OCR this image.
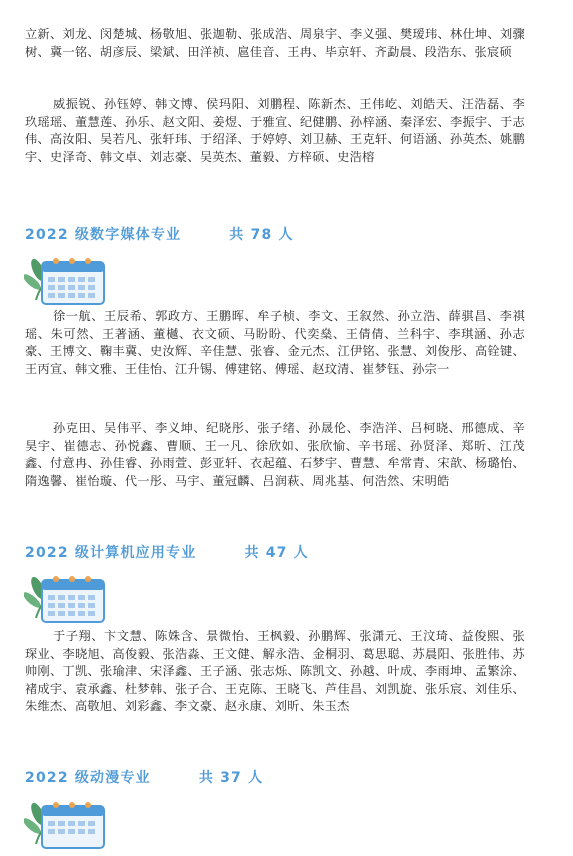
立新、刘龙、闵楚城、杨敬旭、张迦勒、张成浩、周泉宇、李义强、樊瑷玮、林仕坤、刘骤树、冀一铭、胡彦辰、梁斌、田洋祯、扈佳音、王冉、毕京轩、齐勐晨、段浩东、张宸硕

威振锐、孙钰婷、韩文博、侯玛阳、刘鹏程、陈新杰、王伟屹、刘皓天、汪浩磊、李玖瑶瑶、董慧莲、孙乐、赵文阳、姜煜、于雅宣、纪健鹏、孙梓涵、秦泽宏、李振宇、于志伟、高汝阳、吴若凡、张轩玮、于绍泽、于婷婷、刘卫赫、王克轩、何语涵、孙英杰、姚鹏宇、史泽奇、韩文卓、刘志豪、吴英杰、董毅、方梓硕、史浩榕

2022 级数字媒体专业	共 78 人

徐一航、王辰希、郭政方、王鹏晖、牟子桢、李文、王叙然、孙立浩、薛骐昌、李祺瑶、朱可然、王著涵、董樾、衣文硕、马盼盼、代奕燊、王倩倩、兰科宇、李琪涵、孙志豪、王博文、鞠丰冀、史汝辉、辛佳慧、张睿、金元杰、江伊铭、张慧、刘俊彤、高铨键、王丙宣、韩文雅、王佳怡、江升锡、傅建铭、傅瑶、赵玟清、崔梦钰、孙宗一

孙克田、吴伟平、李义坤、纪晓彤、张子绪、孙晟伦、李浩洋、吕柯晓、邢德成、辛昊宇、崔德志、孙悦鑫、曹顺、王一凡、徐欣如、张欣愉、辛书瑶、孙贤泽、郑昕、江茂鑫、付意冉、孙佳睿、孙雨萱、彭亚轩、衣起蕴、石梦宇、曹慧、牟常青、宋歆、杨璐怡、隋逸馨、崔怡璇、代一彤、马宇、董冠麟、吕润萩、周兆基、何浩然、宋明皓

2022 级计算机应用专业	共 47 人

于子翔、卞文慧、陈姝含、景微怡、王枫毅、孙鹏辉、张潇元、王汶琦、益俊熙、张琛业、李晓旭、高俊毅、张浩淼、王文健、解永浩、金桐羽、葛思聪、苏晨阳、张胜伟、苏帅刚、丁凯、张瑜津、宋泽鑫、王子涵、张志烁、陈凯文、孙越、叶成、李雨坤、孟繁涂、褚成宇、袁承鑫、杜梦韩、张子合、王克陈、王晓飞、芦佳昌、刘凯旋、张乐宸、刘佳乐、朱维杰、高敬旭、刘彩鑫、李文豪、赵永康、刘昕、朱玉杰

2022 级动漫专业	共 37 人
